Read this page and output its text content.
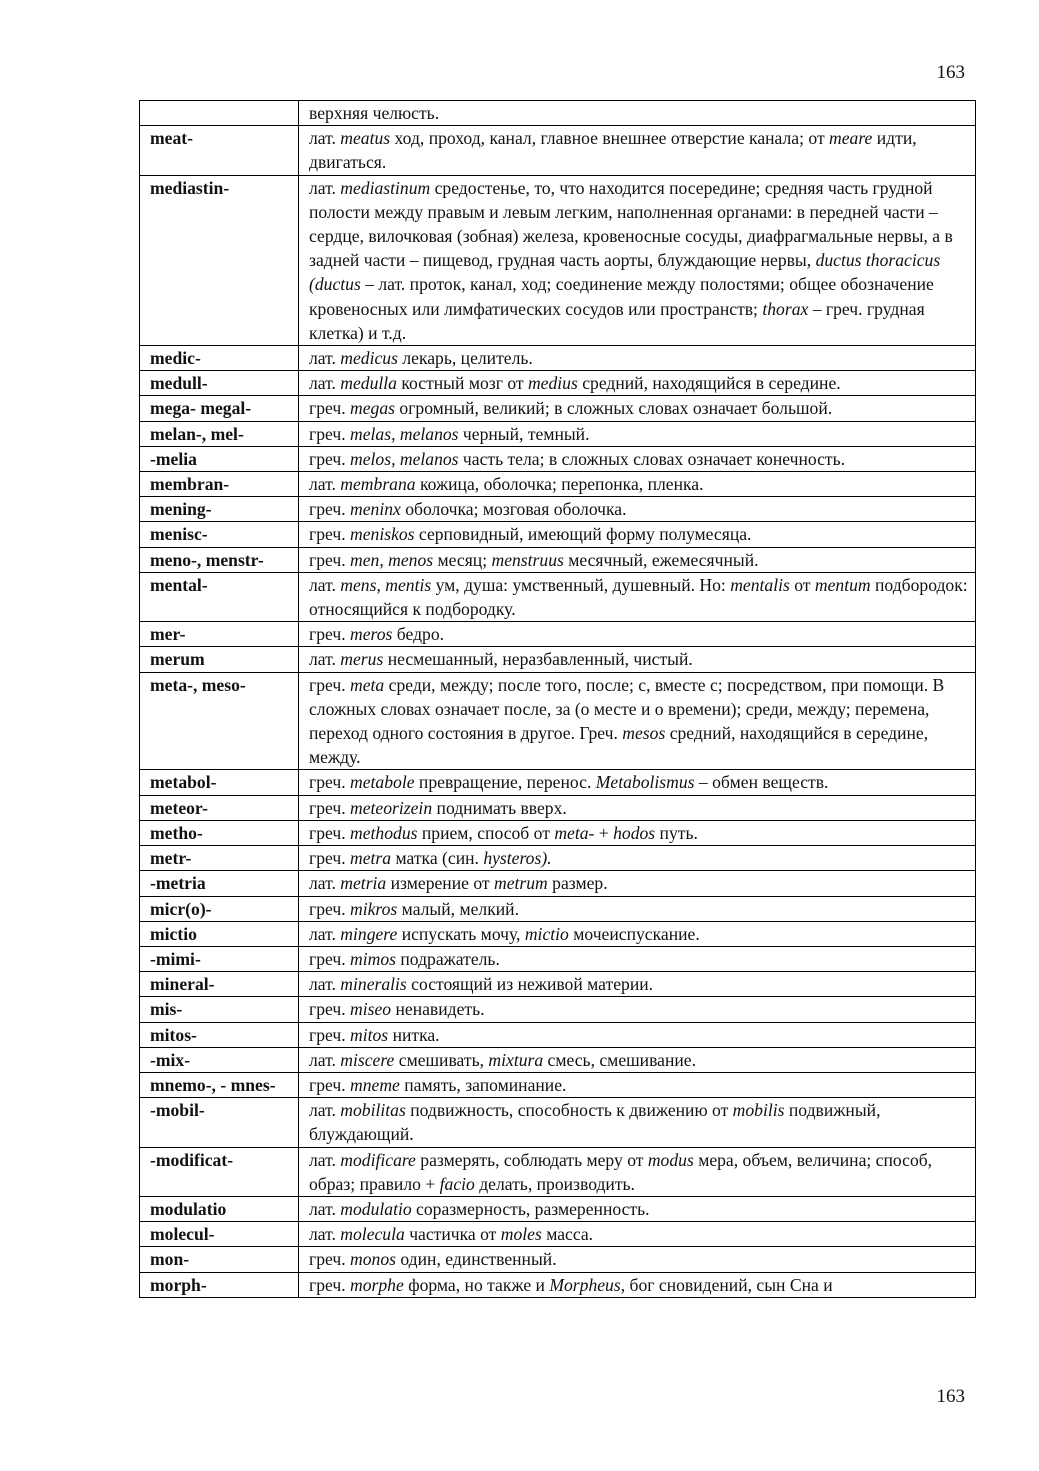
163
	верхняя челюсть.
meat-	лат. meatus ход, проход, канал, главное внешнее отверстие канала; от meare идти, двигаться.
mediastin-	лат. mediastinum средостенье, то, что находится посередине; средняя часть грудной полости между правым и левым легким, наполненная органами: в передней части – сердце, вилочковая (зобная) железа, кровеносные сосуды, диафрагмальные нервы, а в задней части – пищевод, грудная часть аорты, блуждающие нервы, ductus thoracicus (ductus – лат. проток, канал, ход; соединение между полостями; общее обозначение кровеносных или лимфатических сосудов или пространств; thorax – греч. грудная клетка) и т.д.
medic-	лат. medicus лекарь, целитель.
medull-	лат. medulla костный мозг от medius средний, находящийся в середине.
mega- megal-	греч. megas огромный, великий; в сложных словах означает большой.
melan-, mel-	греч. melas, melanos черный, темный.
-melia	греч. melos, melanos часть тела; в сложных словах означает конечность.
membran-	лат. membrana кожица, оболочка; перепонка, пленка.
mening-	греч. meninx оболочка; мозговая оболочка.
menisc-	греч. meniskos серповидный, имеющий форму полумесяца.
meno-, menstr-	греч. men, menos месяц; menstruus месячный, ежемесячный.
mental-	лат. mens, mentis ум, душа: умственный, душевный. Но: mentalis от mentum подбородок: относящийся к подбородку.
mer-	греч. meros бедро.
merum	лат. merus несмешанный, неразбавленный, чистый.
meta-, meso-	греч. meta среди, между; после того, после; с, вместе с; посредством, при помощи. В сложных словах означает после, за (о месте и о времени); среди, между; перемена, переход одного состояния в другое. Греч. mesos средний, находящийся в середине, между.
metabol-	греч. metabole превращение, перенос. Metabolismus – обмен веществ.
meteor-	греч. meteorizein поднимать вверх.
metho-	греч. methodus прием, способ от meta- + hodos путь.
metr-	греч. metra матка (син. hysteros).
-metria	лат. metria измерение от metrum размер.
micr(o)-	греч. mikros малый, мелкий.
mictio	лат. mingere испускать мочу, mictio мочеиспускание.
-mimi-	греч. mimos подражатель.
mineral-	лат. mineralis состоящий из неживой материи.
mis-	греч. miseo ненавидеть.
mitos-	греч. mitos нитка.
-mix-	лат. miscere смешивать, mixtura смесь, смешивание.
mnemo-, - mnes-	греч. mneme память, запоминание.
-mobil-	лат. mobilitas подвижность, способность к движению от mobilis подвижный, блуждающий.
-modificat-	лат. modificare размерять, соблюдать меру от modus мера, объем, величина; способ, образ; правило + facio делать, производить.
modulatio	лат. modulatio соразмерность, размеренность.
molecul-	лат. molecula частичка от moles масса.
mon-	греч. monos один, единственный.
morph-	греч. morphe форма, но также и Morpheus, бог сновидений, сын Сна и
163
